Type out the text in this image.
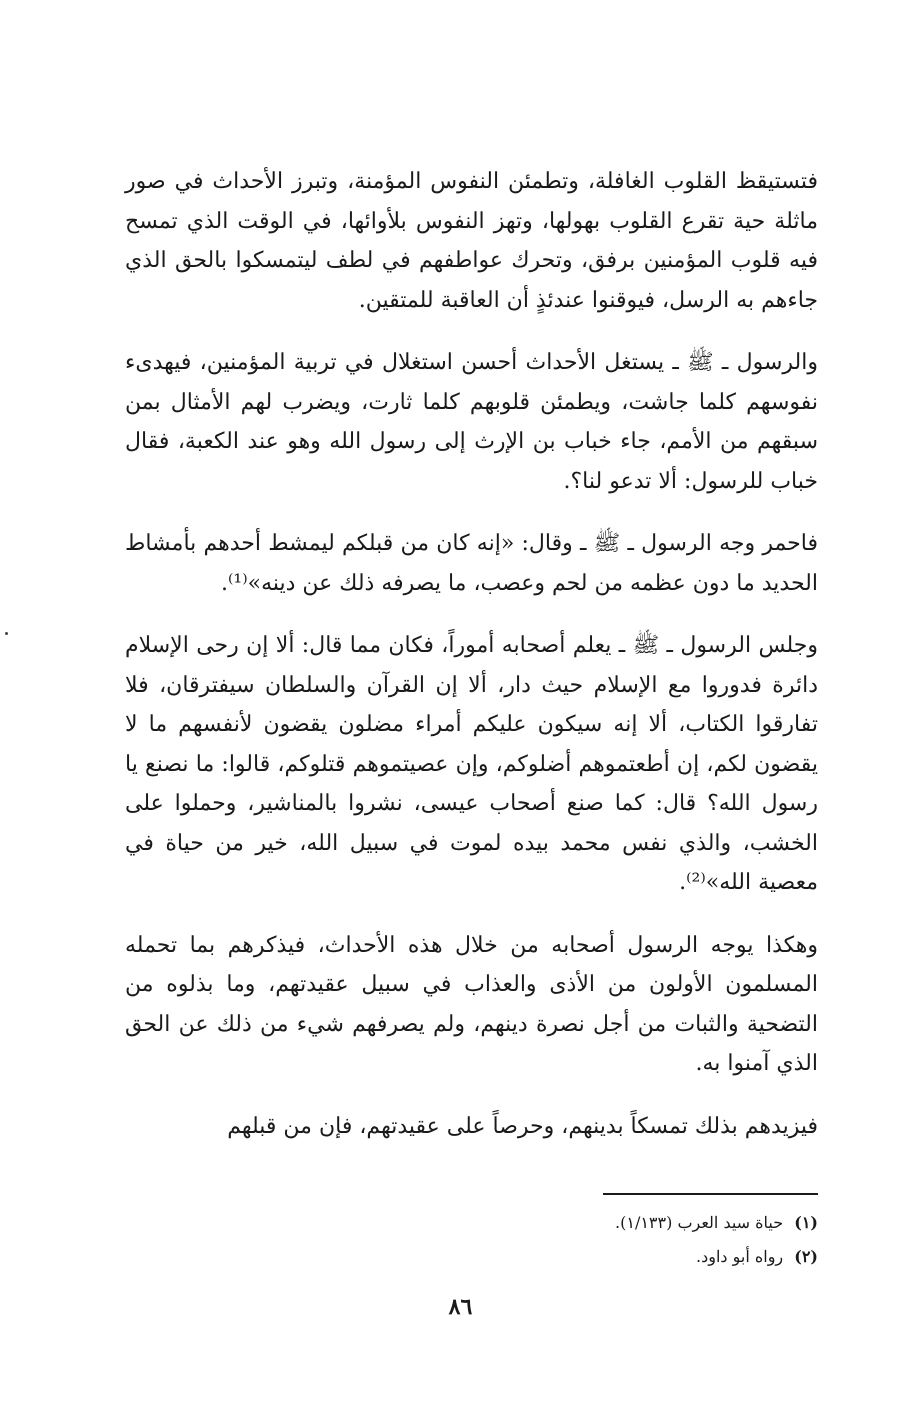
فتستيقظ القلوب الغافلة، وتطمئن النفوس المؤمنة، وتبرز الأحداث في صور ماثلة حية تقرع القلوب بهولها، وتهز النفوس بلأوائها، في الوقت الذي تمسح فيه قلوب المؤمنين برفق، وتحرك عواطفهم في لطف ليتمسكوا بالحق الذي جاءهم به الرسل، فيوقنوا عندئذٍ أن العاقبة للمتقين.

والرسول ـ ﷺ ـ يستغل الأحداث أحسن استغلال في تربية المؤمنين، فيهدىء نفوسهم كلما جاشت، ويطمئن قلوبهم كلما ثارت، ويضرب لهم الأمثال بمن سبقهم من الأمم، جاء خباب بن الإرث إلى رسول الله وهو عند الكعبة، فقال خباب للرسول: ألا تدعو لنا؟.

فاحمر وجه الرسول ـ ﷺ ـ وقال: «إنه كان من قبلكم ليمشط أحدهم بأمشاط الحديد ما دون عظمه من لحم وعصب، ما يصرفه ذلك عن دينه»⁽¹⁾.

وجلس الرسول ـ ﷺ ـ يعلم أصحابه أموراً، فكان مما قال: ألا إن رحى الإسلام دائرة فدوروا مع الإسلام حيث دار، ألا إن القرآن والسلطان سيفترقان، فلا تفارقوا الكتاب، ألا إنه سيكون عليكم أمراء مضلون يقضون لأنفسهم ما لا يقضون لكم، إن أطعتموهم أضلوكم، وإن عصيتموهم قتلوكم، قالوا: ما نصنع يا رسول الله؟ قال: كما صنع أصحاب عيسى، نشروا بالمناشير، وحملوا على الخشب، والذي نفس محمد بيده لموت في سبيل الله، خير من حياة في معصية الله»⁽²⁾.

وهكذا يوجه الرسول أصحابه من خلال هذه الأحداث، فيذكرهم بما تحمله المسلمون الأولون من الأذى والعذاب في سبيل عقيدتهم، وما بذلوه من التضحية والثبات من أجل نصرة دينهم، ولم يصرفهم شيء من ذلك عن الحق الذي آمنوا به.

فيزيدهم بذلك تمسكاً بدينهم، وحرصاً على عقيدتهم، فإن من قبلهم

(١) حياة سيد العرب (١/١٣٣).

(٢) رواه أبو داود.

٨٦
